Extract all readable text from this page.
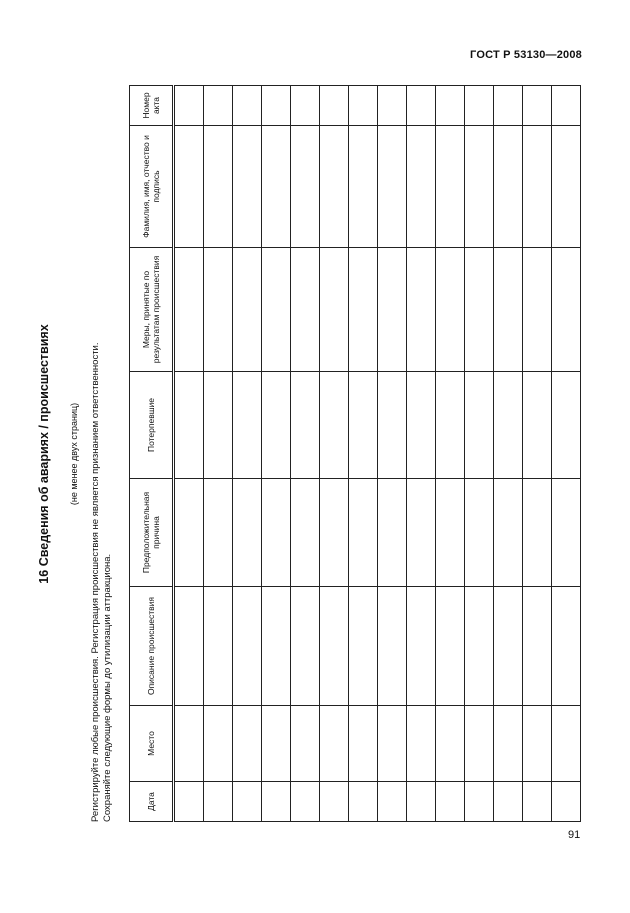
ГОСТ Р 53130—2008
16 Сведения об авариях / происшествиях (не менее двух страниц) Регистрируйте любые происшествия. Регистрация происшествия не является признанием ответственности. Сохраняйте следующие формы до утилизации аттракциона.	Дата	Место	Описание происшествия	Предположительная причина	Потерпевшие	Меры, принятые по результатам происшествия	Фамилия, имя, отчество и подпись	Номер акта

91
